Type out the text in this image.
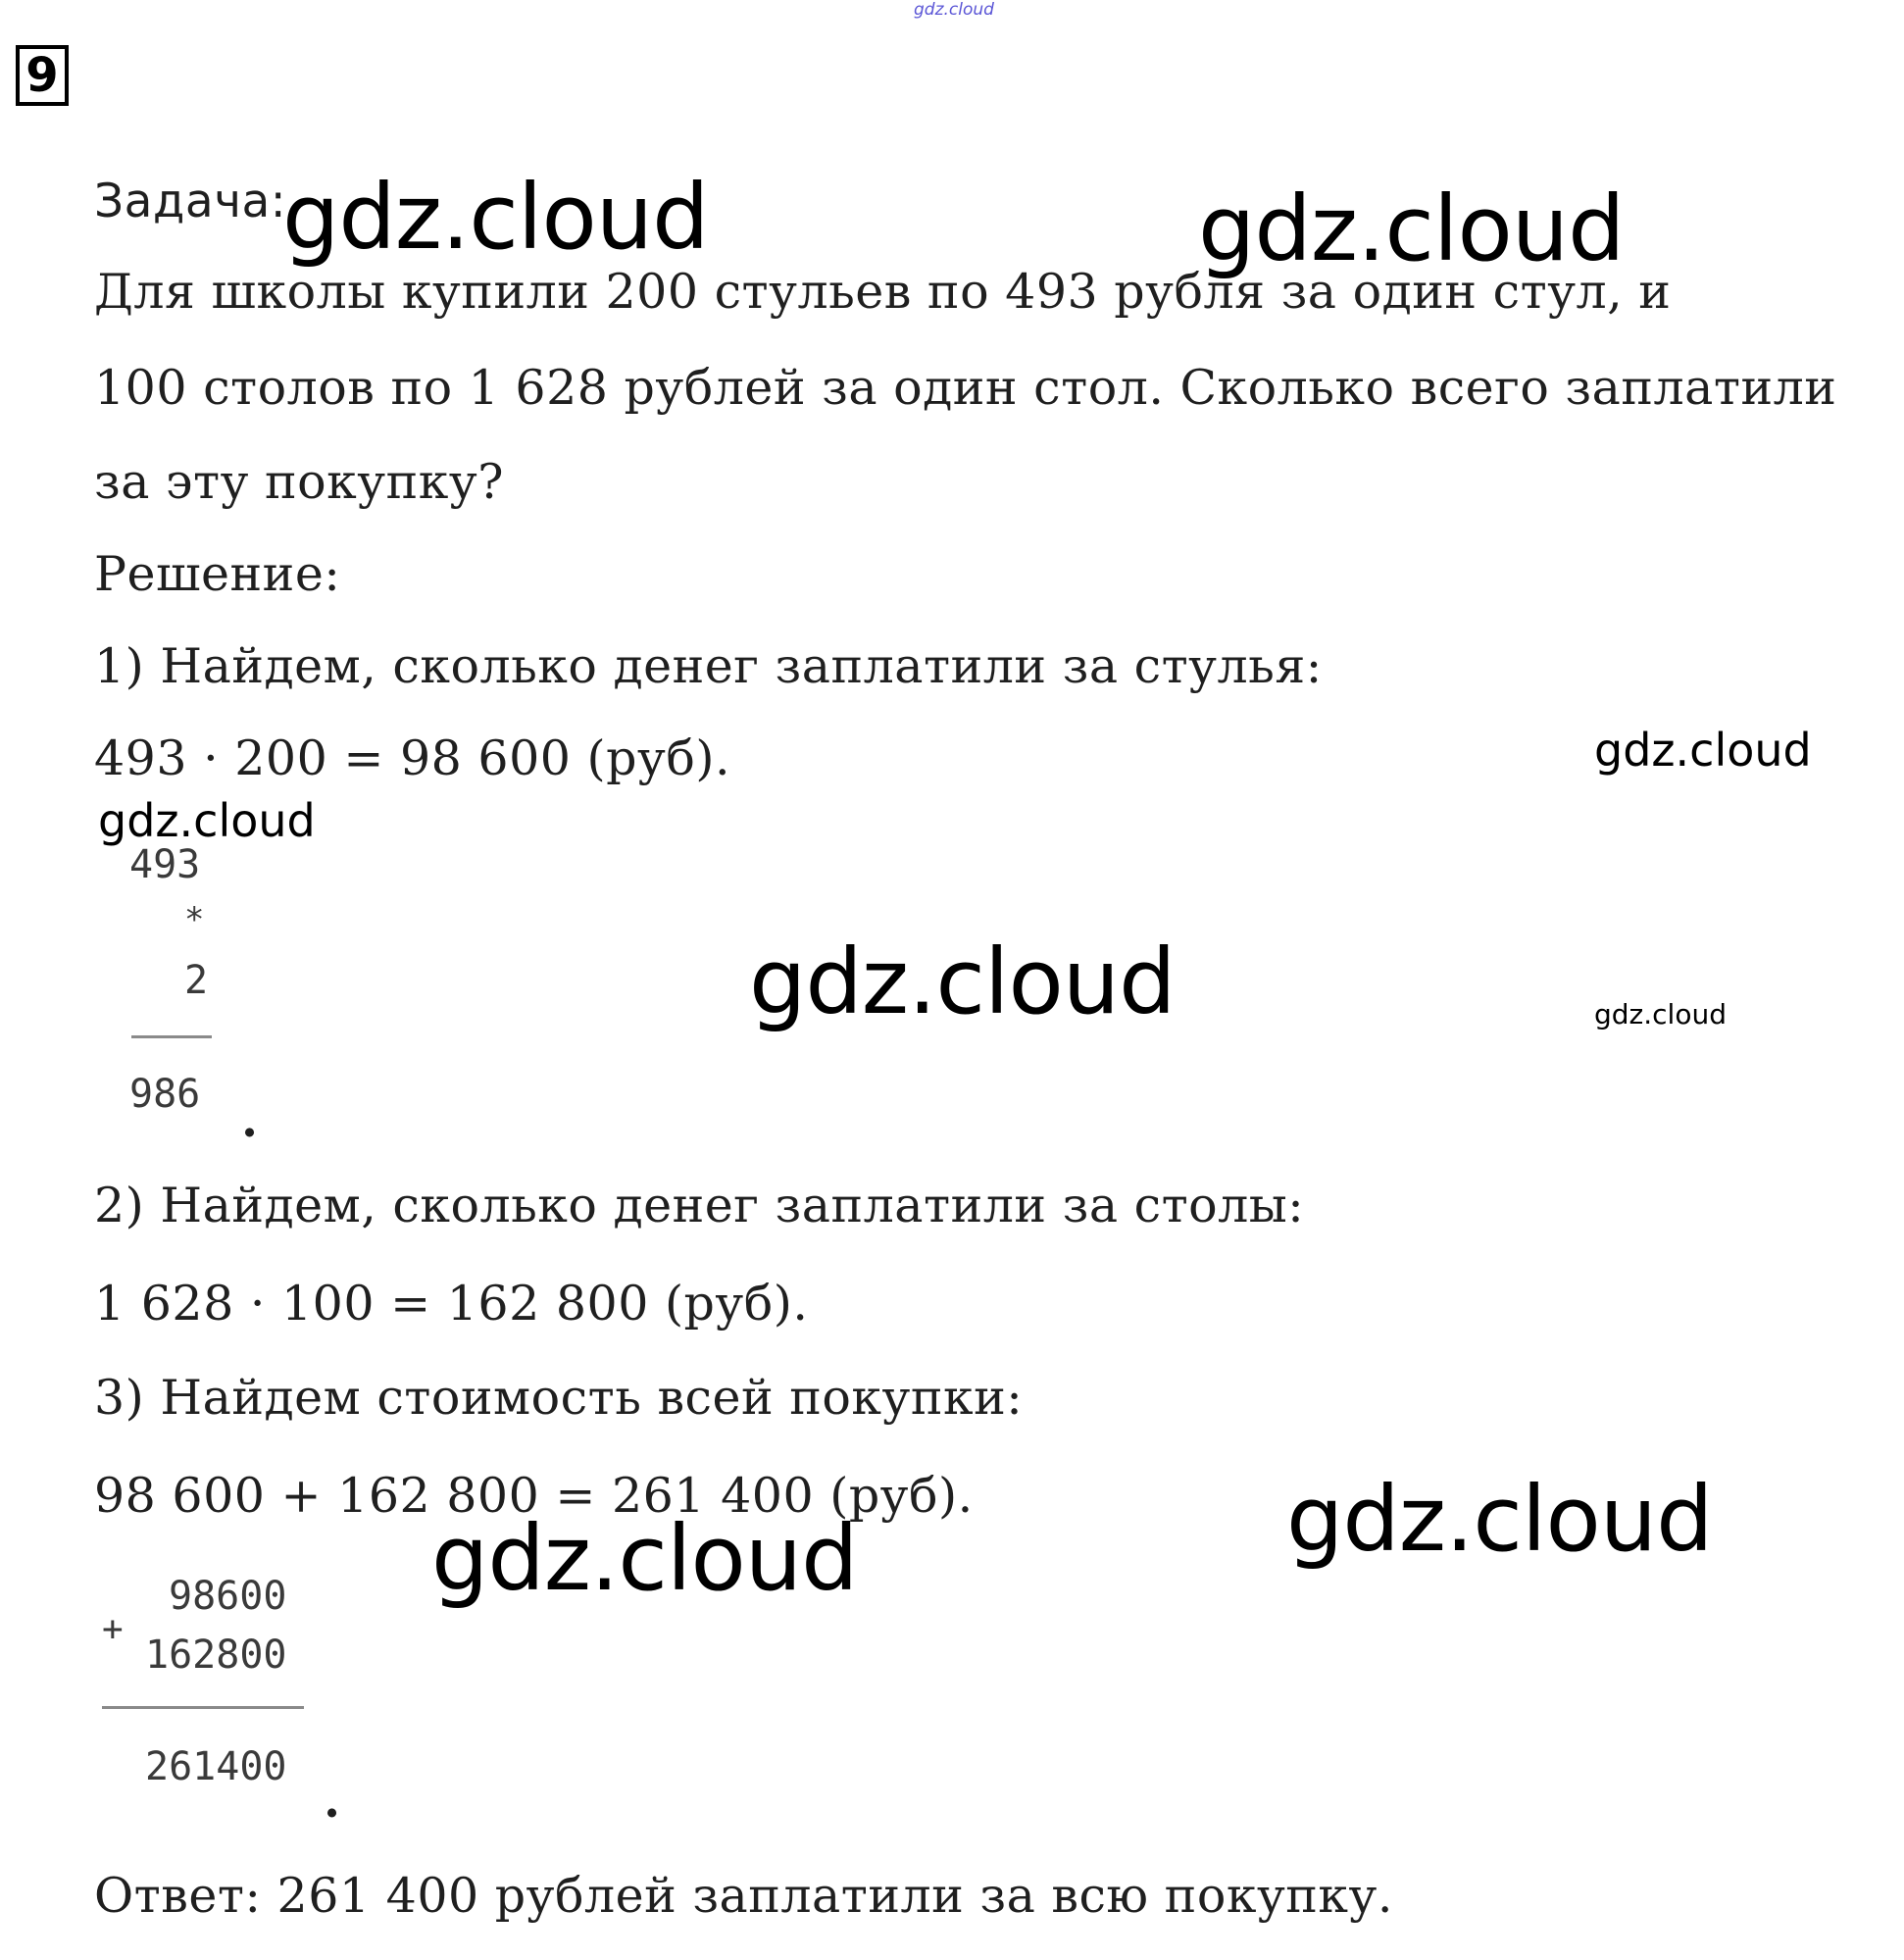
gdz.cloud
9
Задача:
Для школы купили 200 стульев по 493 рубля за один стул, и
100 столов по 1 628 рублей за один стол. Сколько всего заплатили
за эту покупку?
Решение:
1) Найдем, сколько денег заплатили за стулья:
493 · 200 = 98 600 (руб).
493
*
2
986 .
2) Найдем, сколько денег заплатили за столы:
1 628 · 100 = 162 800 (руб).
3) Найдем стоимость всей покупки:
98 600 + 162 800 = 261 400 (руб).
+
98600
162800
261400
.
Ответ: 261 400 рублей заплатили за всю покупку.
gdz.cloud	gdz.cloud
gdz.cloud
gdz.cloud
gdz.cloud	gdz.cloud
gdz.cloud	gdz.cloud
